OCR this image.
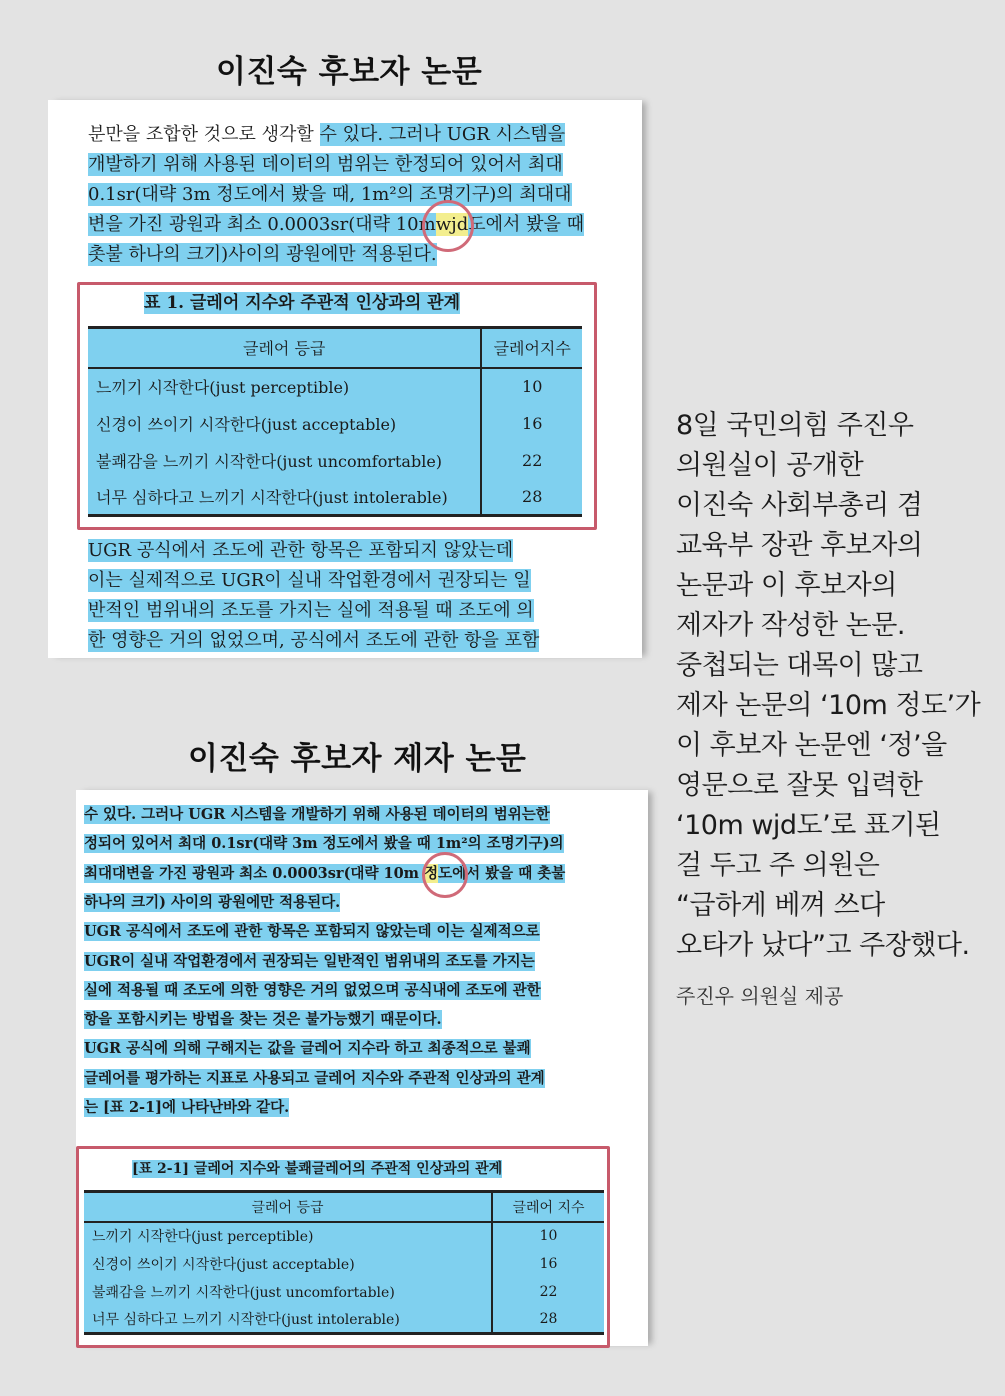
이진숙 후보자 논문
이진숙 후보자 제자 논문
분만을 조합한 것으로 생각할 수 있다. 그러나 UGR 시스템을
개발하기 위해 사용된 데이터의 범위는 한정되어 있어서 최대
0.1sr(대략 3m 정도에서 봤을 때, 1m²의 조명기구)의 최대대
변을 가진 광원과 최소 0.0003sr(대략 10mwjd도에서 봤을 때
촛불 하나의 크기)사이의 광원에만 적용된다.
표 1. 글레어 지수와 주관적 인상과의 관계
글레어 등급	글레어지수
느끼기 시작한다(just perceptible)	10
신경이 쓰이기 시작한다(just acceptable)	16
불쾌감을 느끼기 시작한다(just uncomfortable)	22
너무 심하다고 느끼기 시작한다(just intolerable)	28
UGR 공식에서 조도에 관한 항목은 포함되지 않았는데
이는 실제적으로 UGR이 실내 작업환경에서 권장되는 일
반적인 범위내의 조도를 가지는 실에 적용될 때 조도에 의
한 영향은 거의 없었으며, 공식에서 조도에 관한 항을 포함
수 있다. 그러나 UGR 시스템을 개발하기 위해 사용된 데이터의 범위는한
정되어 있어서 최대 0.1sr(대략 3m 정도에서 봤을 때 1m²의 조명기구)의
최대대변을 가진 광원과 최소 0.0003sr(대략 10m 정도에서 봤을 때 촛불
하나의 크기) 사이의 광원에만 적용된다.
UGR 공식에서 조도에 관한 항목은 포함되지 않았는데 이는 실제적으로
UGR이 실내 작업환경에서 권장되는 일반적인 범위내의 조도를 가지는
실에 적용될 때 조도에 의한 영향은 거의 없었으며 공식내에 조도에 관한
항을 포함시키는 방법을 찾는 것은 불가능했기 때문이다.
UGR 공식에 의해 구해지는 값을 글레어 지수라 하고 최종적으로 불쾌
글레어를 평가하는 지표로 사용되고 글레어 지수와 주관적 인상과의 관계
는 [표 2-1]에 나타난바와 같다.
[표 2-1] 글레어 지수와 불쾌글레어의 주관적 인상과의 관계
글레어 등급	글레어 지수
느끼기 시작한다(just perceptible)	10
신경이 쓰이기 시작한다(just acceptable)	16
불쾌감을 느끼기 시작한다(just uncomfortable)	22
너무 심하다고 느끼기 시작한다(just intolerable)	28
8일 국민의힘 주진우
의원실이 공개한
이진숙 사회부총리 겸
교육부 장관 후보자의
논문과 이 후보자의
제자가 작성한 논문.
중첩되는 대목이 많고
제자 논문의 ‘10m 정도’가
이 후보자 논문엔 ‘정’을
영문으로 잘못 입력한
‘10m wjd도’로 표기된
걸 두고 주 의원은
“급하게 베껴 쓰다
오타가 났다”고 주장했다.
주진우 의원실 제공
